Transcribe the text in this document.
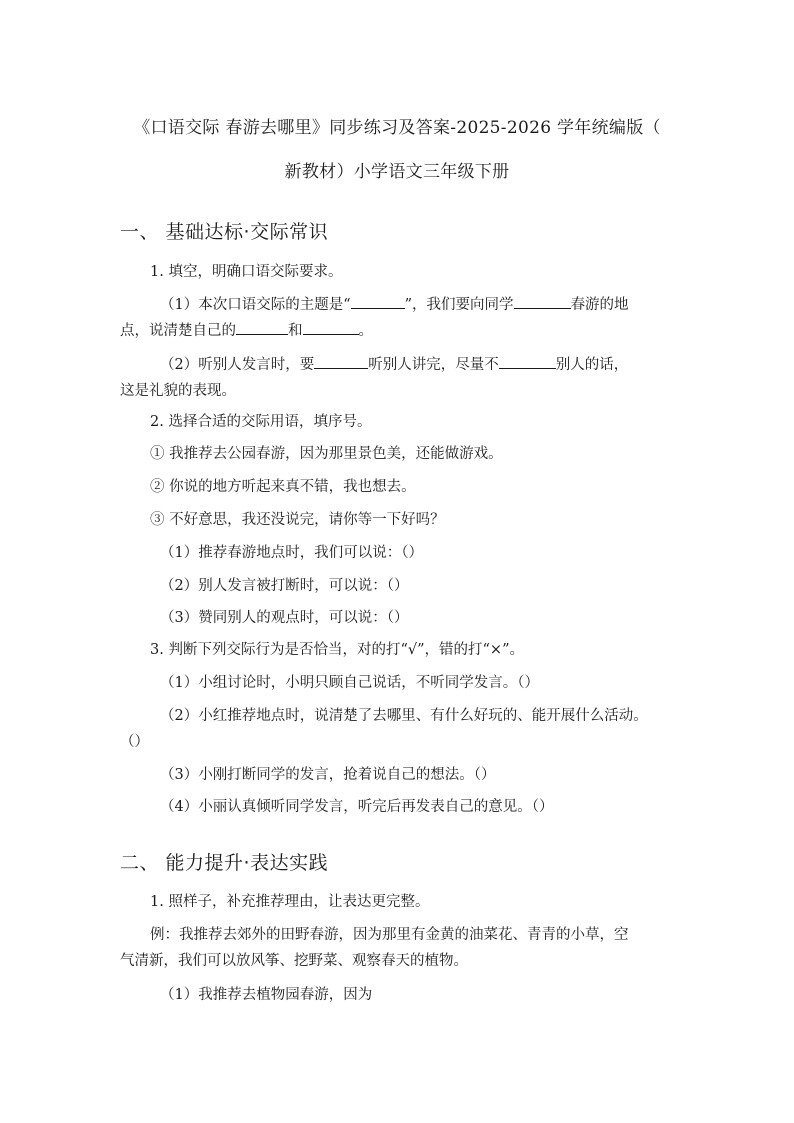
《口语交际 春游去哪里》同步练习及答案-2025-2026 学年统编版（
新教材）小学语文三年级下册
一、 基础达标·交际常识
1. 填空，明确口语交际要求。
（1）本次口语交际的主题是“	”，我们要向同学	春游的地
点，说清楚自己的	和	。
（2）听别人发言时，要	听别人讲完，尽量不	别人的话，
这是礼貌的表现。
2. 选择合适的交际用语，填序号。
① 我推荐去公园春游，因为那里景色美，还能做游戏。
② 你说的地方听起来真不错，我也想去。
③ 不好意思，我还没说完，请你等一下好吗？
（1）推荐春游地点时，我们可以说：（）
（2）别人发言被打断时，可以说：（）
（3）赞同别人的观点时，可以说：（）
3. 判断下列交际行为是否恰当，对的打“√”，错的打“×”。
（1）小组讨论时，小明只顾自己说话，不听同学发言。（）
（2）小红推荐地点时，说清楚了去哪里、有什么好玩的、能开展什么活动。
（）
（3）小刚打断同学的发言，抢着说自己的想法。（）
（4）小丽认真倾听同学发言，听完后再发表自己的意见。（）
二、 能力提升·表达实践
1. 照样子，补充推荐理由，让表达更完整。
例：我推荐去郊外的田野春游，因为那里有金黄的油菜花、青青的小草，空
气清新，我们可以放风筝、挖野菜、观察春天的植物。
（1）我推荐去植物园春游，因为
